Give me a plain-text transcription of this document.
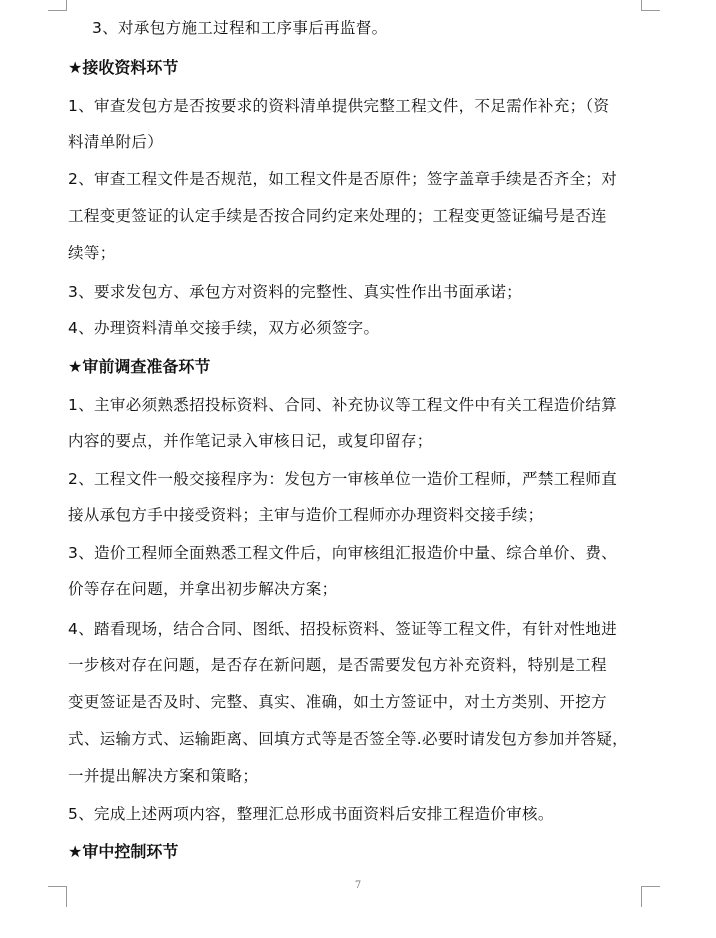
3、对承包方施工过程和工序事后再监督。
★接收资料环节
1、审查发包方是否按要求的资料清单提供完整工程文件，不足需作补充；（资
料清单附后）
2、审查工程文件是否规范，如工程文件是否原件；签字盖章手续是否齐全；对
工程变更签证的认定手续是否按合同约定来处理的；工程变更签证编号是否连
续等；
3、要求发包方、承包方对资料的完整性、真实性作出书面承诺；
4、办理资料清单交接手续，双方必须签字。
★审前调查准备环节
1、主审必须熟悉招投标资料、合同、补充协议等工程文件中有关工程造价结算
内容的要点，并作笔记录入审核日记，或复印留存；
2、工程文件一般交接程序为：发包方一审核单位一造价工程师，严禁工程师直
接从承包方手中接受资料；主审与造价工程师亦办理资料交接手续；
3、造价工程师全面熟悉工程文件后，向审核组汇报造价中量、综合单价、费、
价等存在问题，并拿出初步解决方案；
4、踏看现场，结合合同、图纸、招投标资料、签证等工程文件，有针对性地进
一步核对存在问题，是否存在新问题，是否需要发包方补充资料，特别是工程
变更签证是否及时、完整、真实、准确，如土方签证中，对土方类别、开挖方
式、运输方式、运输距离、回填方式等是否签全等.必要时请发包方参加并答疑，
一并提出解决方案和策略；
5、完成上述两项内容，整理汇总形成书面资料后安排工程造价审核。
★审中控制环节
7
